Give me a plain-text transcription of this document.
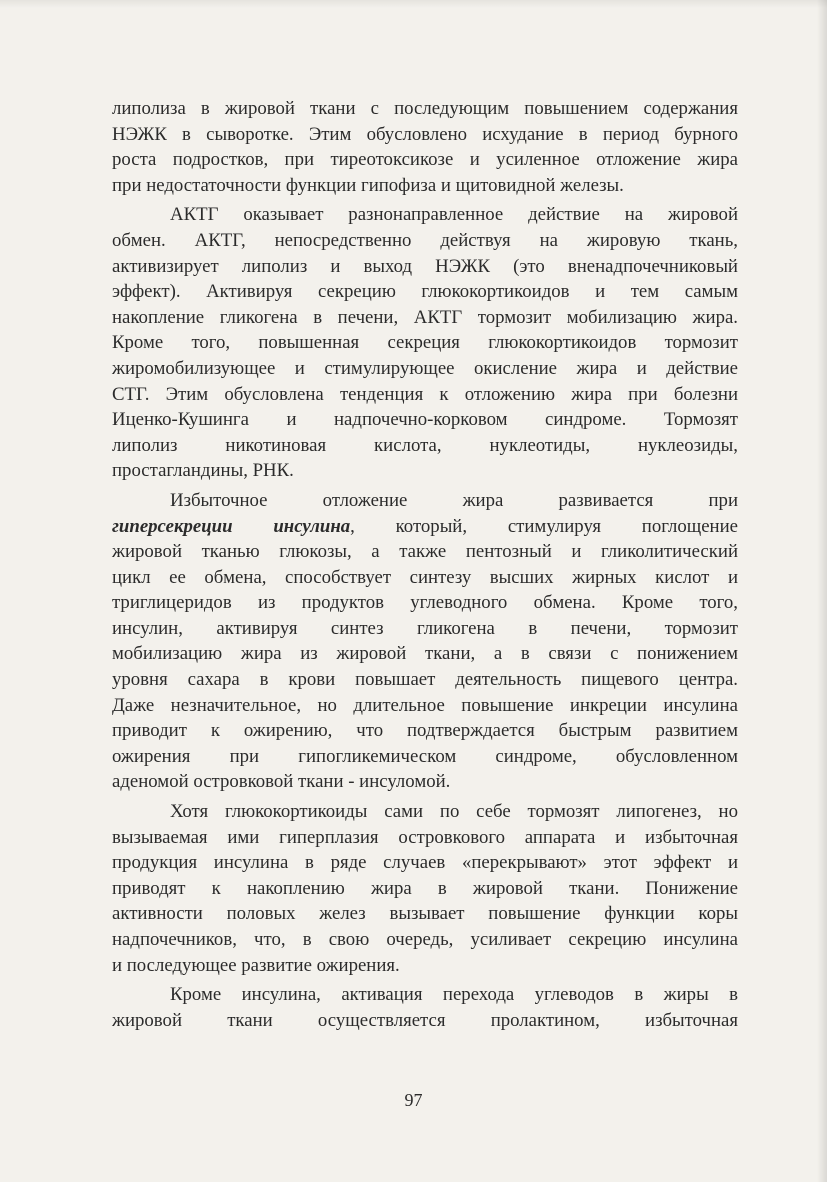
липолиза в жировой ткани с последующим повышением содержания
НЭЖК в сыворотке. Этим обусловлено исхудание в период бурного
роста подростков, при тиреотоксикозе и усиленное отложение жира
при недостаточности функции гипофиза и щитовидной железы.
АКТГ оказывает разнонаправленное действие на жировой
обмен. АКТГ, непосредственно действуя на жировую ткань,
активизирует липолиз и выход НЭЖК (это вненадпочечниковый
эффект). Активируя секрецию глюкокортикоидов и тем самым
накопление гликогена в печени, АКТГ тормозит мобилизацию жира.
Кроме того, повышенная секреция глюкокортикоидов тормозит
жиромобилизующее и стимулирующее окисление жира и действие
СТГ. Этим обусловлена тенденция к отложению жира при болезни
Иценко-Кушинга и надпочечно-корковом синдроме. Тормозят
липолиз никотиновая кислота, нуклеотиды, нуклеозиды,
простагландины, РНК.
Избыточное отложение жира развивается при
гиперсекреции инсулина, который, стимулируя поглощение
жировой тканью глюкозы, а также пентозный и гликолитический
цикл ее обмена, способствует синтезу высших жирных кислот и
триглицеридов из продуктов углеводного обмена. Кроме того,
инсулин, активируя синтез гликогена в печени, тормозит
мобилизацию жира из жировой ткани, а в связи с понижением
уровня сахара в крови повышает деятельность пищевого центра.
Даже незначительное, но длительное повышение инкреции инсулина
приводит к ожирению, что подтверждается быстрым развитием
ожирения при гипогликемическом синдроме, обусловленном
аденомой островковой ткани - инсуломой.
Хотя глюкокортикоиды сами по себе тормозят липогенез, но
вызываемая ими гиперплазия островкового аппарата и избыточная
продукция инсулина в ряде случаев «перекрывают» этот эффект и
приводят к накоплению жира в жировой ткани. Понижение
активности половых желез вызывает повышение функции коры
надпочечников, что, в свою очередь, усиливает секрецию инсулина
и последующее развитие ожирения.
Кроме инсулина, активация перехода углеводов в жиры в
жировой ткани осуществляется пролактином, избыточная
97
